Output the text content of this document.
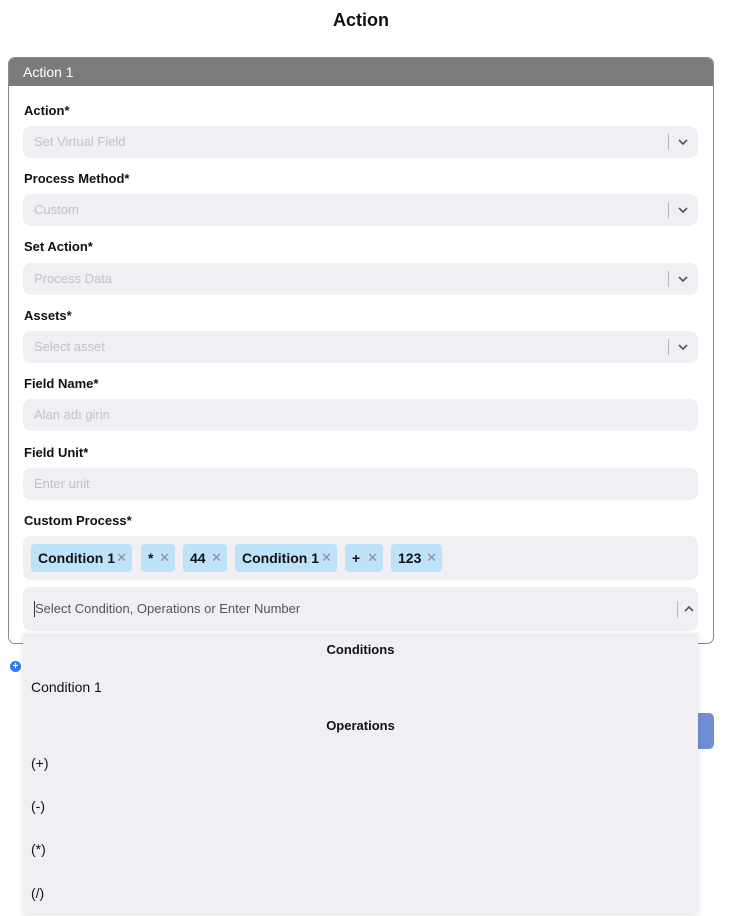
Action
Action 1
Action*
Set Virtual Field
Process Method*
Custom
Set Action*
Process Data
Assets*
Select asset
Field Name*
Alan adı girin
Field Unit*
Enter unit
Custom Process*
Condition 1 ✕	* ✕	44 ✕	Condition 1 ✕	+ ✕	123 ✕
Select Condition, Operations or Enter Number
+
Conditions
Condition 1
Operations
(+)
(-)
(*)
(/)
